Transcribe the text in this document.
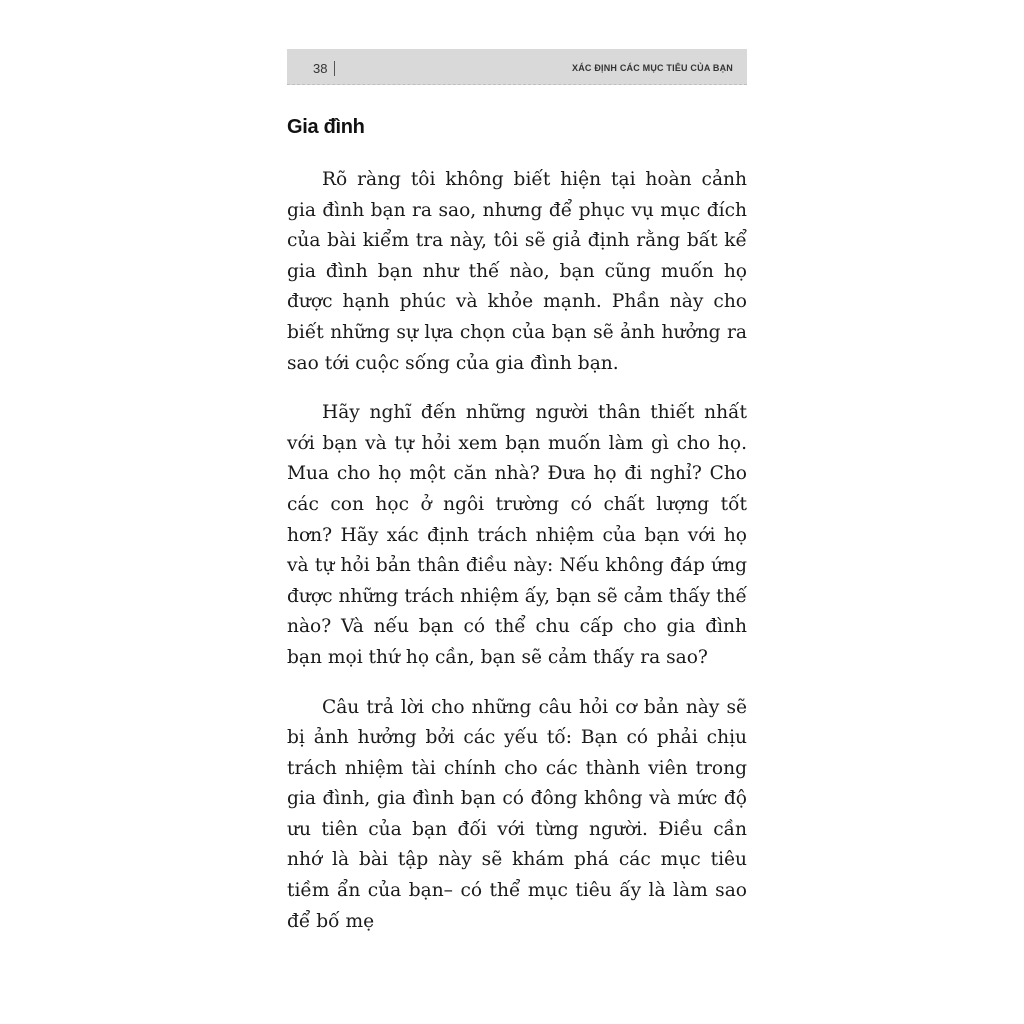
38	XÁC ĐỊNH CÁC MỤC TIÊU CỦA BẠN
Gia đình

Rõ ràng tôi không biết hiện tại hoàn cảnh gia đình bạn ra sao, nhưng để phục vụ mục đích của bài kiểm tra này, tôi sẽ giả định rằng bất kể gia đình bạn như thế nào, bạn cũng muốn họ được hạnh phúc và khỏe mạnh. Phần này cho biết những sự lựa chọn của bạn sẽ ảnh hưởng ra sao tới cuộc sống của gia đình bạn.

Hãy nghĩ đến những người thân thiết nhất với bạn và tự hỏi xem bạn muốn làm gì cho họ. Mua cho họ một căn nhà? Đưa họ đi nghỉ? Cho các con học ở ngôi trường có chất lượng tốt hơn? Hãy xác định trách nhiệm của bạn với họ và tự hỏi bản thân điều này: Nếu không đáp ứng được những trách nhiệm ấy, bạn sẽ cảm thấy thế nào? Và nếu bạn có thể chu cấp cho gia đình bạn mọi thứ họ cần, bạn sẽ cảm thấy ra sao?

Câu trả lời cho những câu hỏi cơ bản này sẽ bị ảnh hưởng bởi các yếu tố: Bạn có phải chịu trách nhiệm tài chính cho các thành viên trong gia đình, gia đình bạn có đông không và mức độ ưu tiên của bạn đối với từng người. Điều cần nhớ là bài tập này sẽ khám phá các mục tiêu tiềm ẩn của bạn– có thể mục tiêu ấy là làm sao để bố mẹ
